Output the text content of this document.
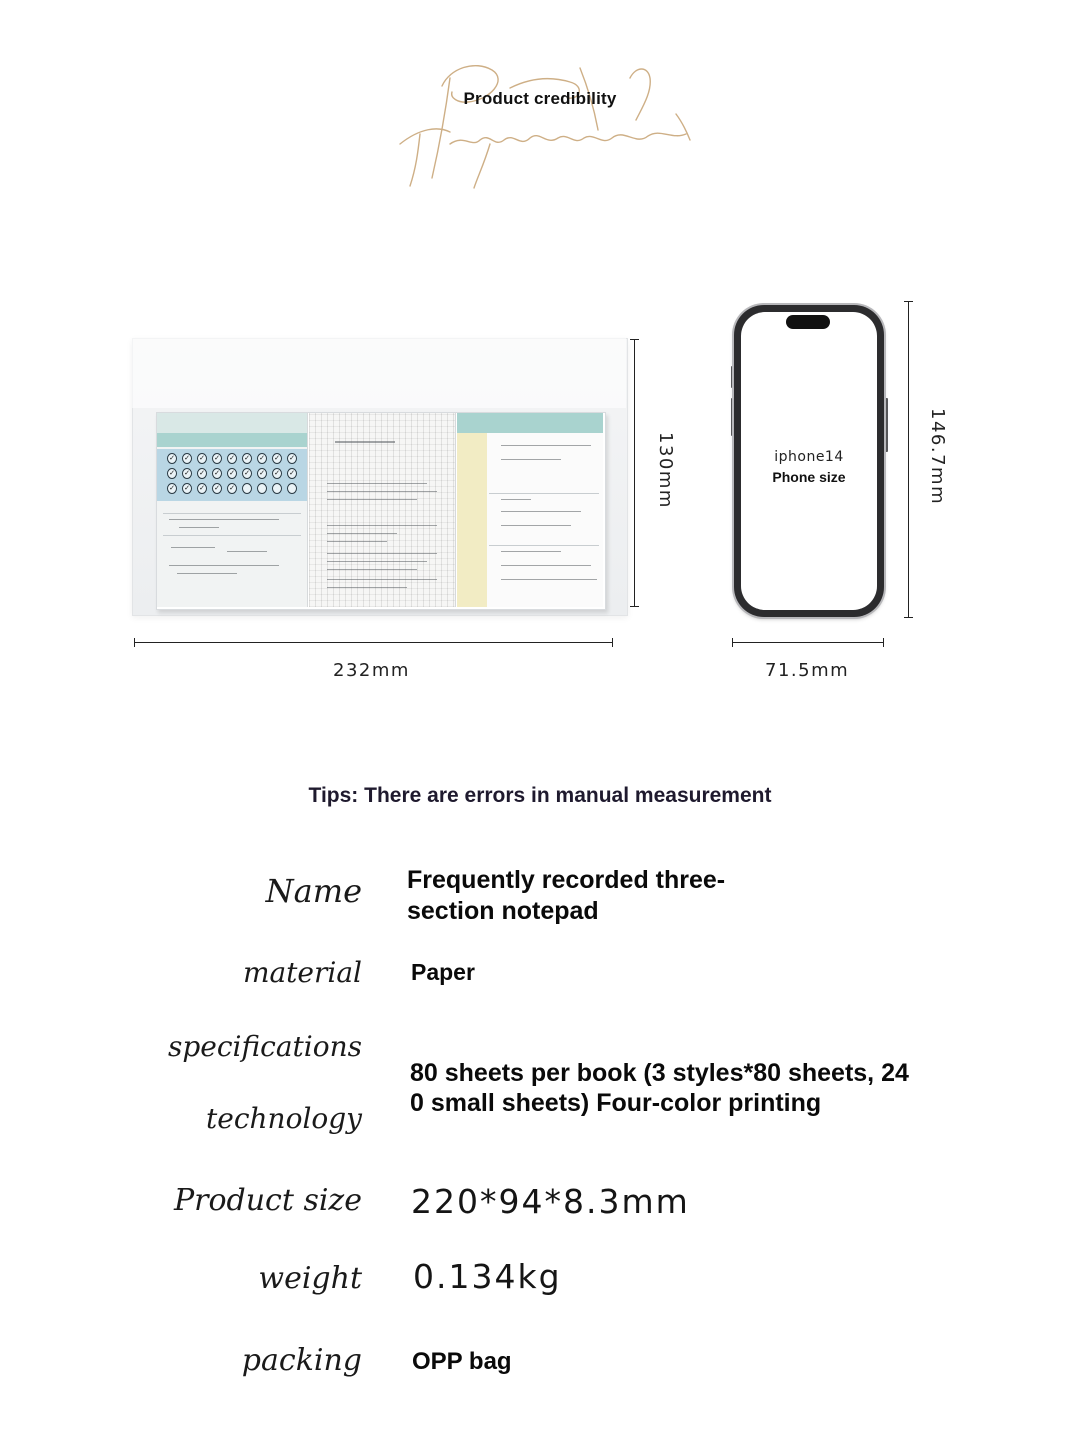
Product credibility
✓ ✓ ✓ ✓ ✓ ✓ ✓ ✓ ✓
✓ ✓ ✓ ✓ ✓ ✓ ✓ ✓ ✓
✓ ✓ ✓ ✓ ✓	130mm
232mm
iphone14
Phone size	146.7mm
71.5mm
Tips: There are errors in manual measurement
Name Frequently recorded three-
section notepad
material Paper
specifications
technology
80 sheets per book (3 styles*80 sheets, 24
0 small sheets) Four-color printing
Product size 220*94*8.3mm
weight 0.134kg
packing OPP bag
